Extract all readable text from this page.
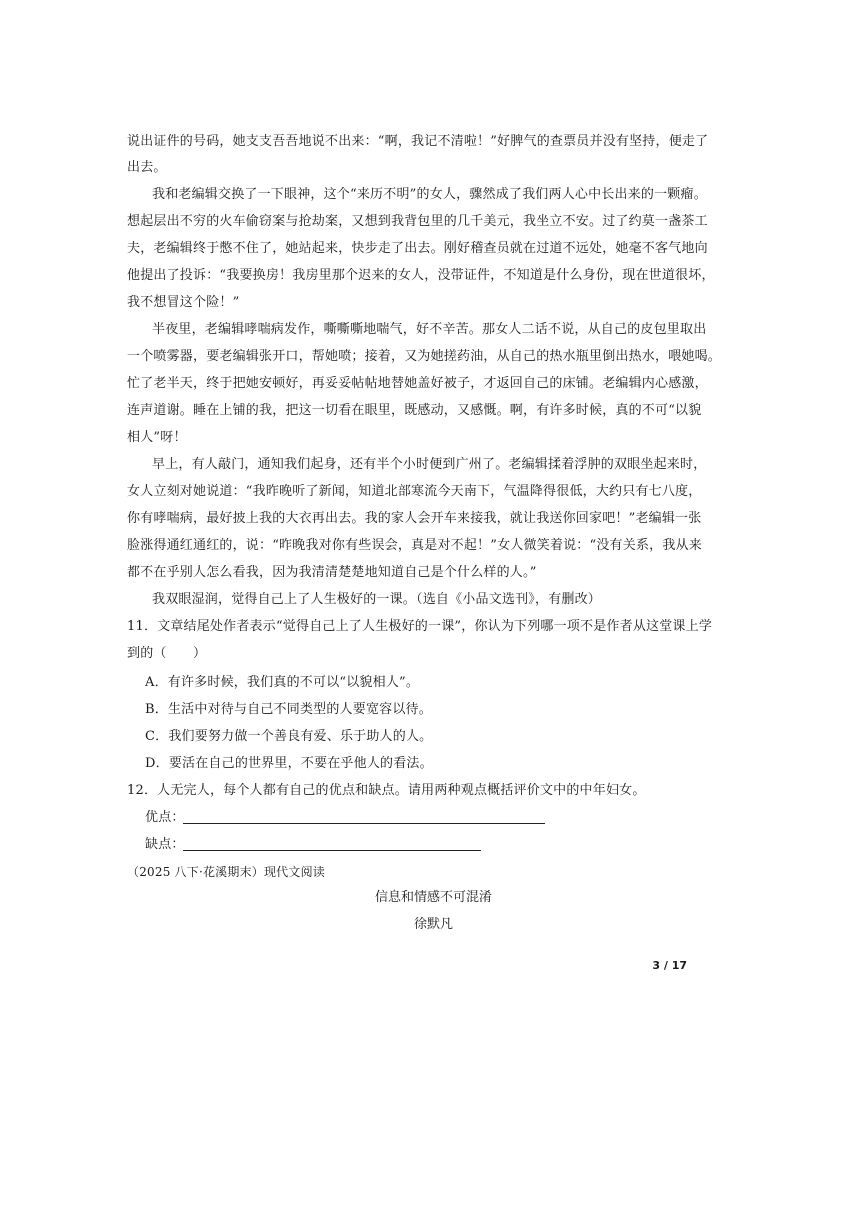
说出证件的号码，她支支吾吾地说不出来：“啊，我记不清啦！”好脾气的查票员并没有坚持，便走了
出去。
我和老编辑交换了一下眼神，这个“来历不明”的女人，骤然成了我们两人心中长出来的一颗瘤。
想起层出不穷的火车偷窃案与抢劫案，又想到我背包里的几千美元，我坐立不安。过了约莫一盏茶工
夫，老编辑终于憋不住了，她站起来，快步走了出去。刚好稽查员就在过道不远处，她毫不客气地向
他提出了投诉：“我要换房！我房里那个迟来的女人，没带证件，不知道是什么身份，现在世道很坏，
我不想冒这个险！”
半夜里，老编辑哮喘病发作，嘶嘶嘶地喘气，好不辛苦。那女人二话不说，从自己的皮包里取出
一个喷雾器，要老编辑张开口，帮她喷；接着，又为她搓药油，从自己的热水瓶里倒出热水，喂她喝。
忙了老半天，终于把她安顿好，再妥妥帖帖地替她盖好被子，才返回自己的床铺。老编辑内心感激，
连声道谢。睡在上铺的我，把这一切看在眼里，既感动，又感慨。啊，有许多时候，真的不可“以貌
相人”呀！
早上，有人敲门，通知我们起身，还有半个小时便到广州了。老编辑揉着浮肿的双眼坐起来时，
女人立刻对她说道：“我昨晚听了新闻，知道北部寒流今天南下，气温降得很低，大约只有七八度，
你有哮喘病，最好披上我的大衣再出去。我的家人会开车来接我，就让我送你回家吧！”老编辑一张
脸涨得通红通红的，说：“昨晚我对你有些误会，真是对不起！”女人微笑着说：“没有关系，我从来
都不在乎别人怎么看我，因为我清清楚楚地知道自己是个什么样的人。”
我双眼湿润，觉得自己上了人生极好的一课。（选自《小品文选刊》，有删改）
11．文章结尾处作者表示“觉得自己上了人生极好的一课”，你认为下列哪一项不是作者从这堂课上学
到的（　　）
A．有许多时候，我们真的不可以“以貌相人”。
B．生活中对待与自己不同类型的人要宽容以待。
C．我们要努力做一个善良有爱、乐于助人的人。
D．要活在自己的世界里，不要在乎他人的看法。
12．人无完人，每个人都有自己的优点和缺点。请用两种观点概括评价文中的中年妇女。
优点：
缺点：
（2025 八下·花溪期末）现代文阅读
信息和情感不可混淆
徐默凡
3 / 17
